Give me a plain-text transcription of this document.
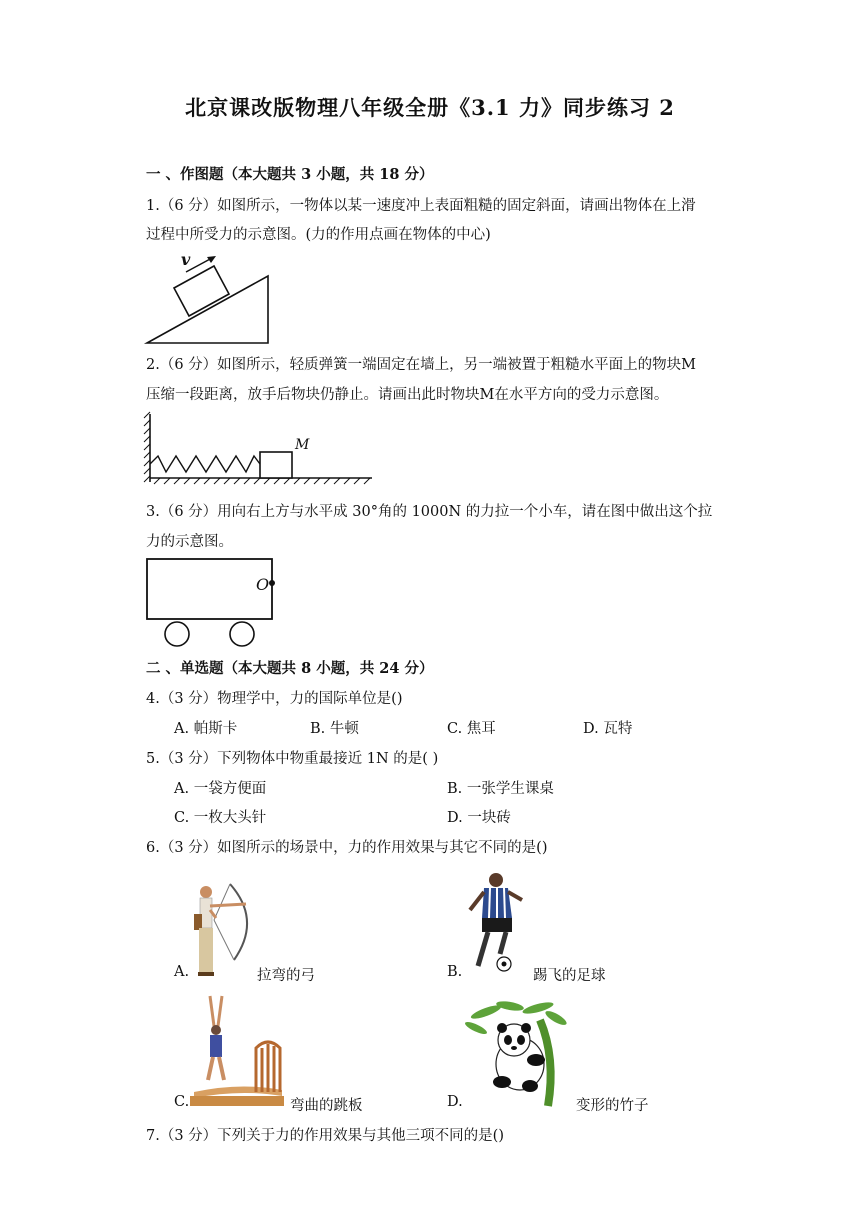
北京课改版物理八年级全册《3.1 力》同步练习 2
一 、作图题（本大题共 3 小题，共 18 分）
1.（6 分）如图所示，一物体以某一速度冲上表面粗糙的固定斜面，请画出物体在上滑
过程中所受力的示意图。(力的作用点画在物体的中心)
v
2.（6 分）如图所示，轻质弹簧一端固定在墙上，另一端被置于粗糙水平面上的物块M
压缩一段距离，放手后物块仍静止。请画出此时物块M在水平方向的受力示意图。
M
3.（6 分）用向右上方与水平成 30°角的 1000N 的力拉一个小车，请在图中做出这个拉
力的示意图。
O
二 、单选题（本大题共 8 小题，共 24 分）
4.（3 分）物理学中，力的国际单位是()
A. 帕斯卡	B. 牛顿	C. 焦耳	D. 瓦特
5.（3 分）下列物体中物重最接近 1N 的是( )
A. 一袋方便面	B. 一张学生课桌
C. 一枚大头针	D. 一块砖
6.（3 分）如图所示的场景中，力的作用效果与其它不同的是()
A.	拉弯的弓	B.	踢飞的足球
C.	弯曲的跳板	D.	变形的竹子
7.（3 分）下列关于力的作用效果与其他三项不同的是()
